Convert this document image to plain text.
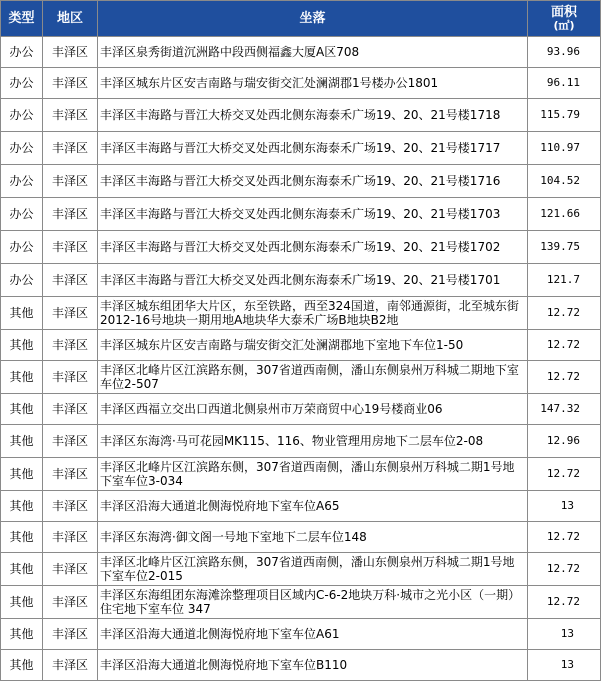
类型	地区	坐落	面积
(㎡)

办公	丰泽区	丰泽区泉秀街道沉洲路中段西侧福鑫大厦A区708	93.96
办公	丰泽区	丰泽区城东片区安吉南路与瑞安街交汇处澜湖郡1号楼办公1801	96.11
办公	丰泽区	丰泽区丰海路与晋江大桥交叉处西北侧东海泰禾广场19、20、21号楼1718	115.79
办公	丰泽区	丰泽区丰海路与晋江大桥交叉处西北侧东海泰禾广场19、20、21号楼1717	110.97
办公	丰泽区	丰泽区丰海路与晋江大桥交叉处西北侧东海泰禾广场19、20、21号楼1716	104.52
办公	丰泽区	丰泽区丰海路与晋江大桥交叉处西北侧东海泰禾广场19、20、21号楼1703	121.66
办公	丰泽区	丰泽区丰海路与晋江大桥交叉处西北侧东海泰禾广场19、20、21号楼1702	139.75
办公	丰泽区	丰泽区丰海路与晋江大桥交叉处西北侧东海泰禾广场19、20、21号楼1701	121.7
其他	丰泽区	丰泽区城东组团华大片区，东至铁路，西至324国道，南邻通源街，北至城东街2012-16号地块一期用地A地块华大泰禾广场B地块B2地	12.72
其他	丰泽区	丰泽区城东片区安吉南路与瑞安街交汇处澜湖郡地下室地下车位1-50	12.72
其他	丰泽区	丰泽区北峰片区江滨路东侧，307省道西南侧，潘山东侧泉州万科城二期地下室车位2-507	12.72
其他	丰泽区	丰泽区西福立交出口西道北侧泉州市万荣商贸中心19号楼商业06	147.32
其他	丰泽区	丰泽区东海湾·马可花园MK115、116、物业管理用房地下二层车位2-08	12.96
其他	丰泽区	丰泽区北峰片区江滨路东侧，307省道西南侧，潘山东侧泉州万科城二期1号地下室车位3-034	12.72
其他	丰泽区	丰泽区沿海大通道北侧海悦府地下室车位A65	13
其他	丰泽区	丰泽区东海湾·御文阁一号地下室地下二层车位148	12.72
其他	丰泽区	丰泽区北峰片区江滨路东侧，307省道西南侧，潘山东侧泉州万科城二期1号地下室车位2-015	12.72
其他	丰泽区	丰泽区东海组团东海滩涂整理项目区域内C-6-2地块万科·城市之光小区（一期）住宅地下室车位 347	12.72
其他	丰泽区	丰泽区沿海大通道北侧海悦府地下室车位A61	13
其他	丰泽区	丰泽区沿海大通道北侧海悦府地下室车位B110	13
